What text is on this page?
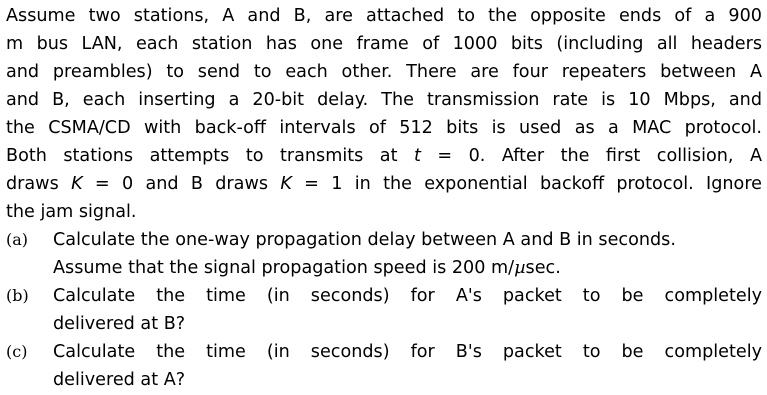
Assume two stations, A and B, are attached to the opposite ends of a 900
m bus LAN, each station has one frame of 1000 bits (including all headers
and preambles) to send to each other. There are four repeaters between A
and B, each inserting a 20-bit delay. The transmission rate is 10 Mbps, and
the CSMA/CD with back-off intervals of 512 bits is used as a MAC protocol.
Both stations attempts to transmits at t = 0. After the first collision, A
draws K = 0 and B draws K = 1 in the exponential backoff protocol. Ignore
the jam signal.
(a) Calculate the one-way propagation delay between A and B in seconds.
Assume that the signal propagation speed is 200 m/µsec.
(b) Calculate the time (in seconds) for A's packet to be completely
delivered at B?
(c) Calculate the time (in seconds) for B's packet to be completely
delivered at A?
